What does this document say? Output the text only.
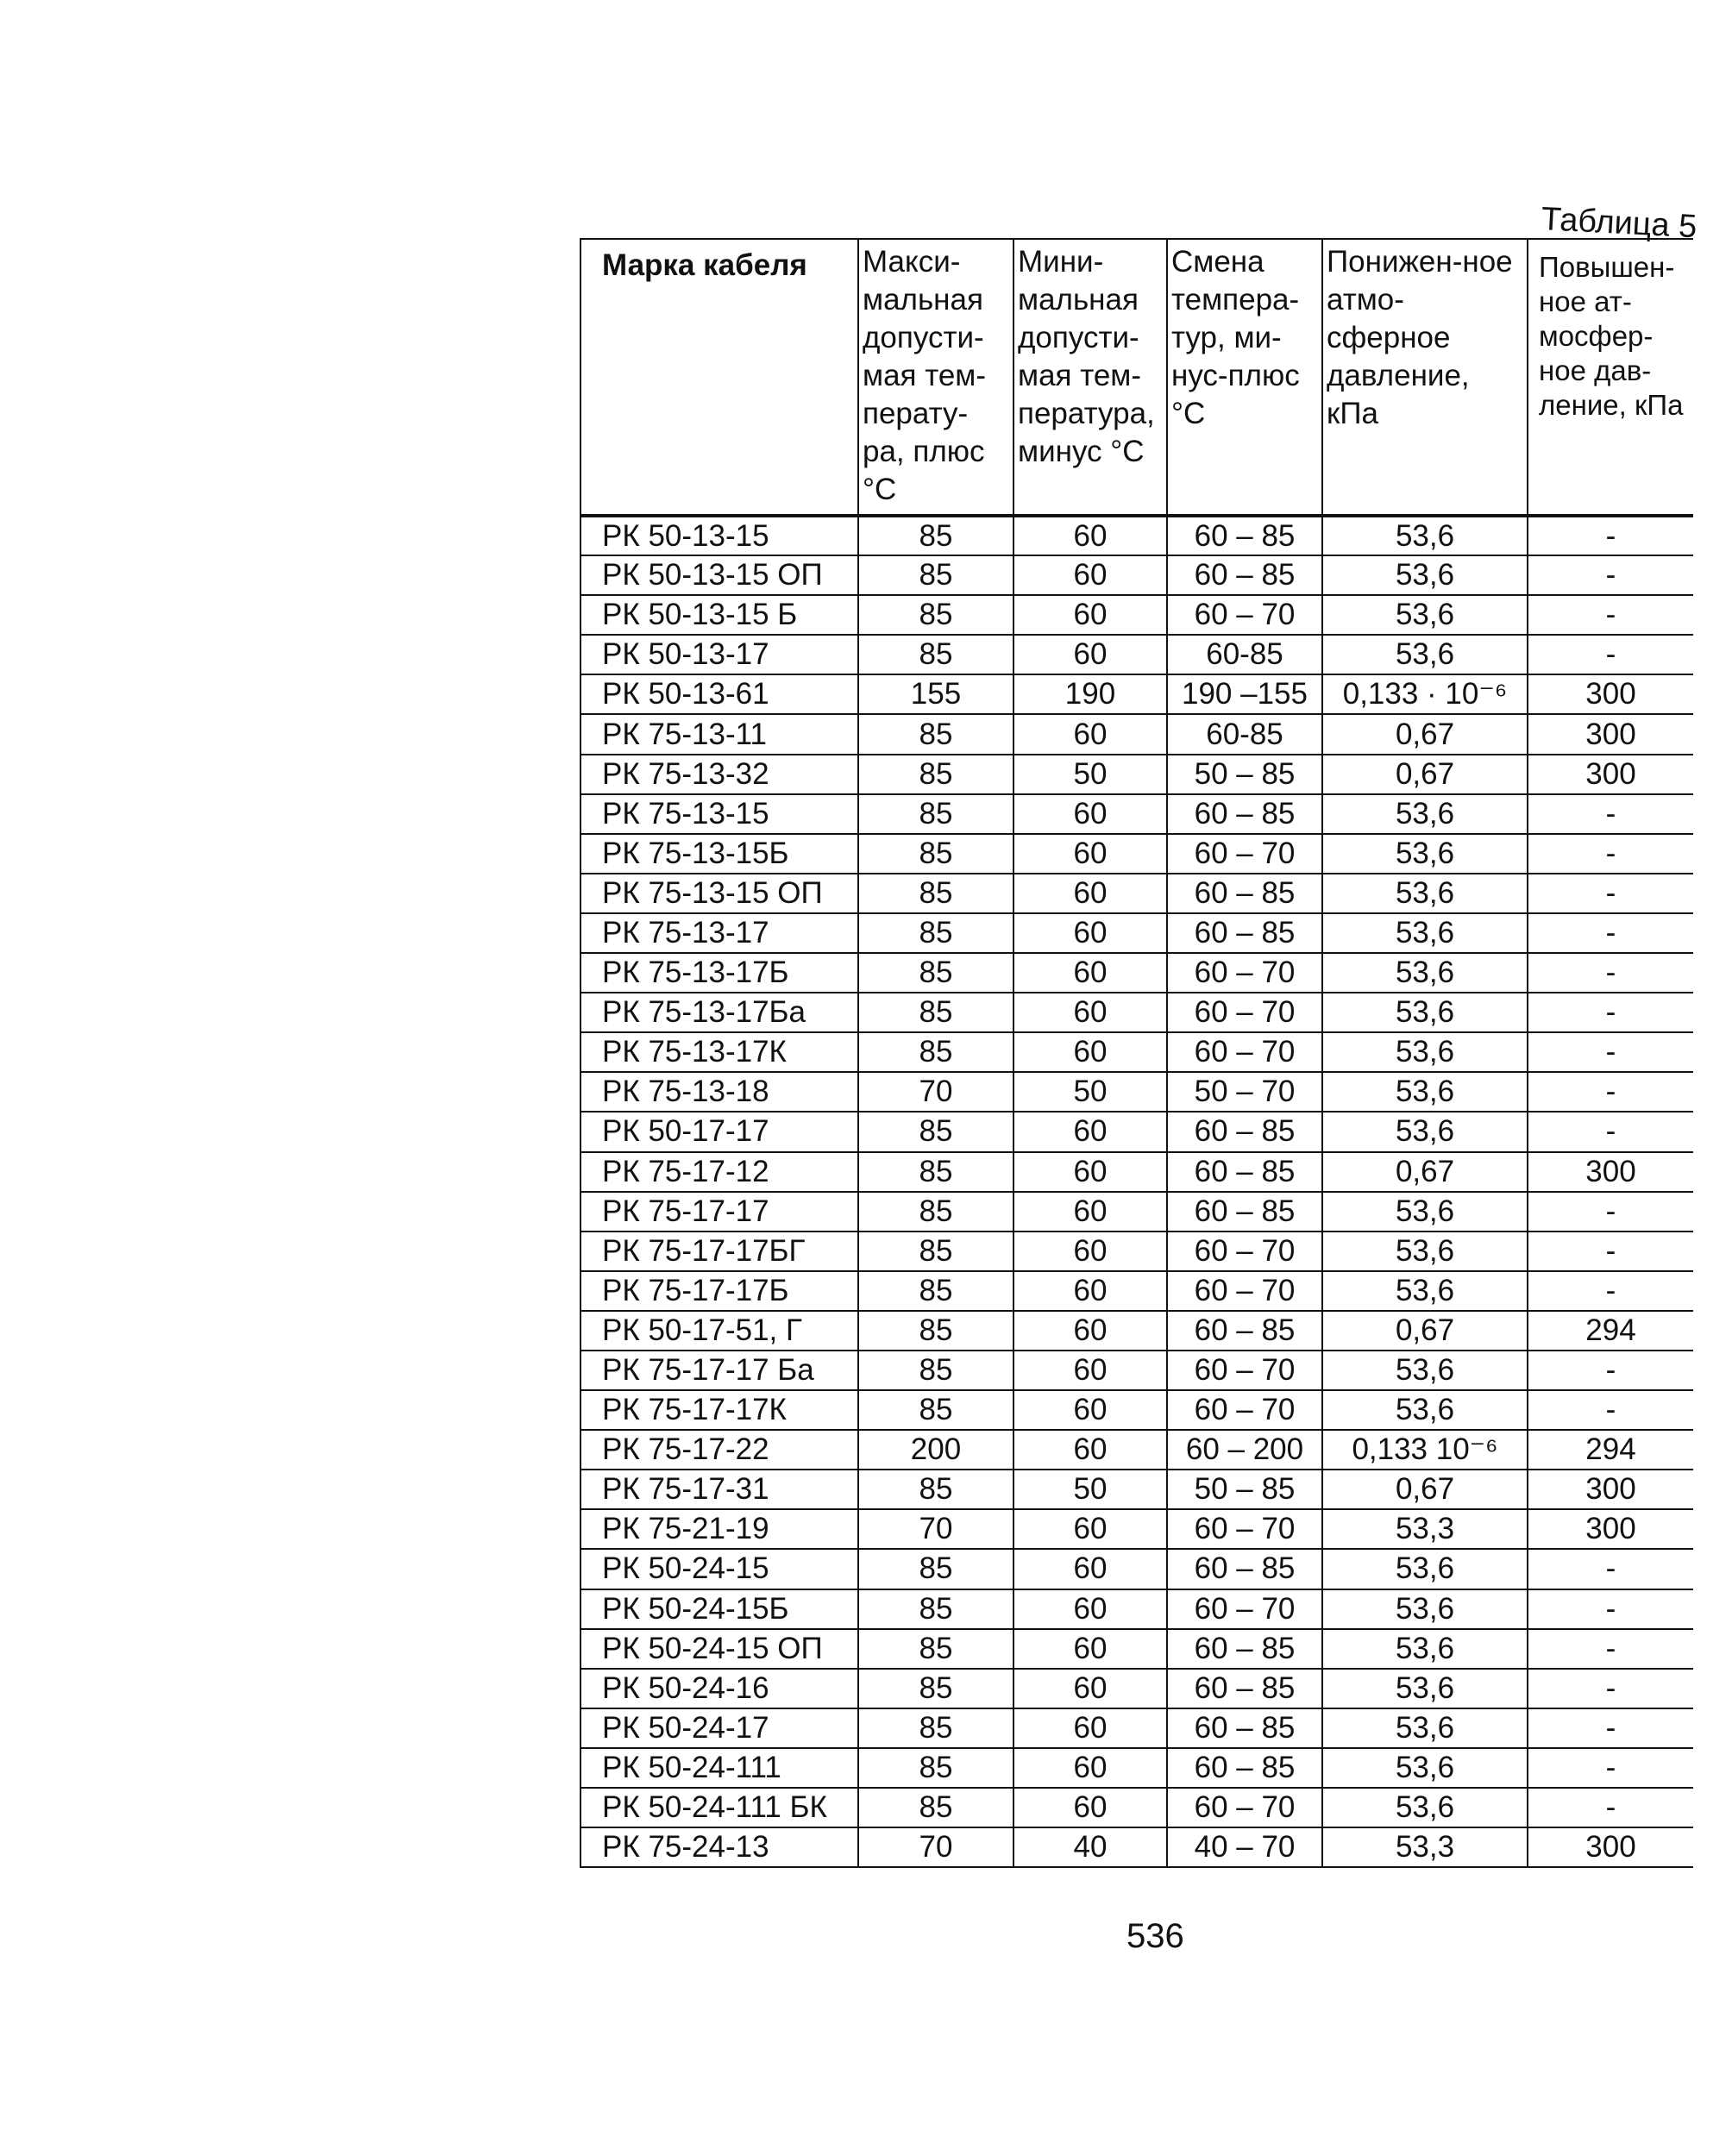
Таблица 5
Марка кабеля	Макси-мальная допусти-мая тем-перату-ра, плюс °С	Мини-мальная допусти-мая тем-пература, минус °С	Смена темпера-тур, ми-нус-плюс °С	Понижен-ное атмо-сферное давление, кПа	Повышен-ное ат-мосфер-ное дав-ление, кПа
РК 50-13-15	85	60	60 – 85	53,6	-
РК 50-13-15 ОП	85	60	60 – 85	53,6	-
РК 50-13-15 Б	85	60	60 – 70	53,6	-
РК 50-13-17	85	60	60-85	53,6	-
РК 50-13-61	155	190	190 –155	0,133 · 10⁻⁶	300
РК 75-13-11	85	60	60-85	0,67	300
РК 75-13-32	85	50	50 – 85	0,67	300
РК 75-13-15	85	60	60 – 85	53,6	-
РК 75-13-15Б	85	60	60 – 70	53,6	-
РК 75-13-15 ОП	85	60	60 – 85	53,6	-
РК 75-13-17	85	60	60 – 85	53,6	-
РК 75-13-17Б	85	60	60 – 70	53,6	-
РК 75-13-17Ба	85	60	60 – 70	53,6	-
РК 75-13-17К	85	60	60 – 70	53,6	-
РК 75-13-18	70	50	50 – 70	53,6	-
РК 50-17-17	85	60	60 – 85	53,6	-
РК 75-17-12	85	60	60 – 85	0,67	300
РК 75-17-17	85	60	60 – 85	53,6	-
РК 75-17-17БГ	85	60	60 – 70	53,6	-
РК 75-17-17Б	85	60	60 – 70	53,6	-
РК 50-17-51, Г	85	60	60 – 85	0,67	294
РК 75-17-17 Ба	85	60	60 – 70	53,6	-
РК 75-17-17К	85	60	60 – 70	53,6	-
РК 75-17-22	200	60	60 – 200	0,133 10⁻⁶	294
РК 75-17-31	85	50	50 – 85	0,67	300
РК 75-21-19	70	60	60 – 70	53,3	300
РК 50-24-15	85	60	60 – 85	53,6	-
РК 50-24-15Б	85	60	60 – 70	53,6	-
РК 50-24-15 ОП	85	60	60 – 85	53,6	-
РК 50-24-16	85	60	60 – 85	53,6	-
РК 50-24-17	85	60	60 – 85	53,6	-
РК 50-24-111	85	60	60 – 85	53,6	-
РК 50-24-111 БК	85	60	60 – 70	53,6	-
РК 75-24-13	70	40	40 – 70	53,3	300
536
